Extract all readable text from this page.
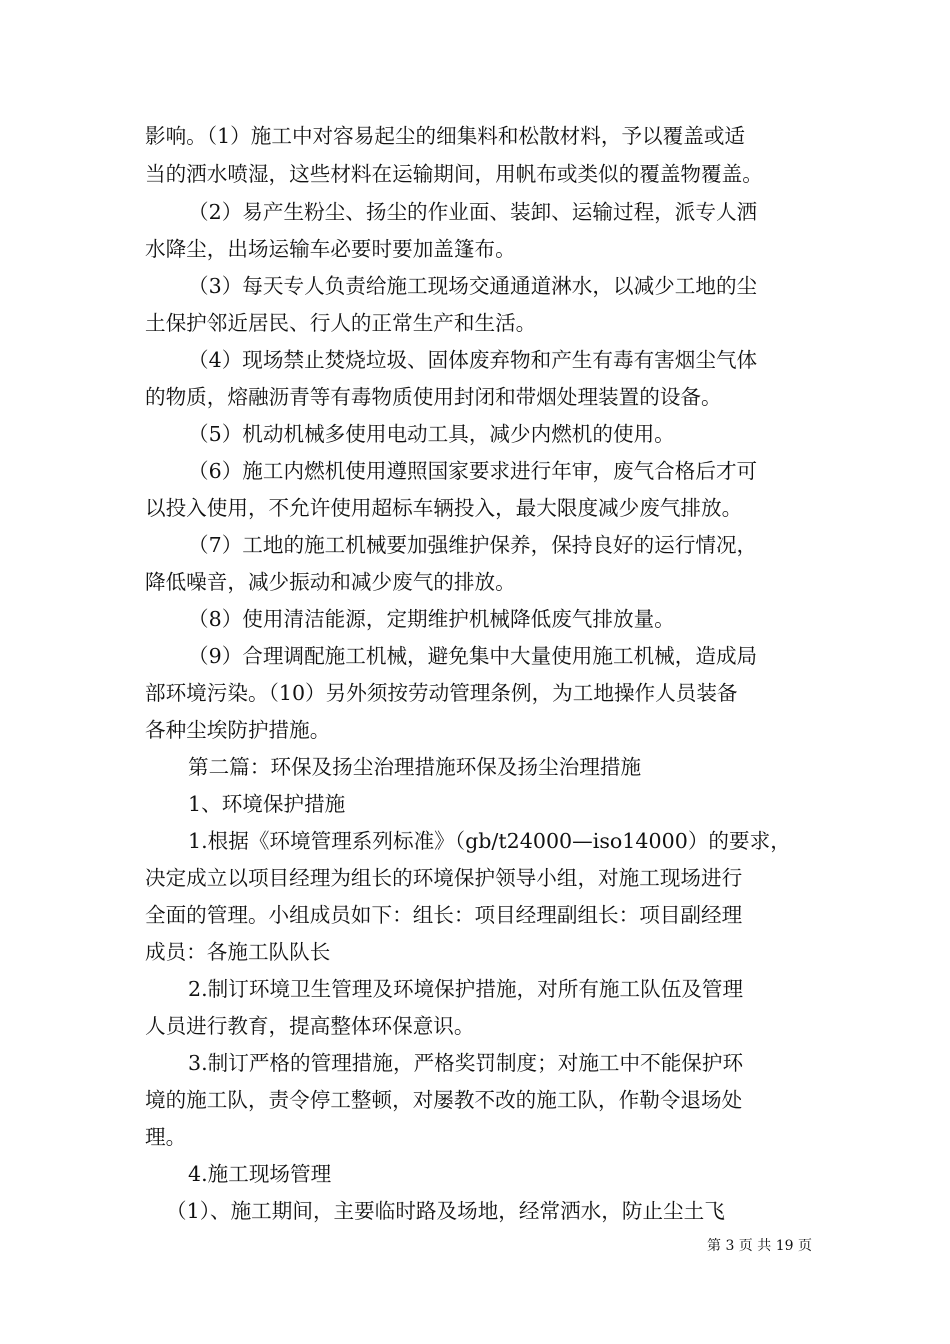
影响。（1）施工中对容易起尘的细集料和松散材料，予以覆盖或适
当的洒水喷湿，这些材料在运输期间，用帆布或类似的覆盖物覆盖。
（2）易产生粉尘、扬尘的作业面、装卸、运输过程，派专人洒
水降尘，出场运输车必要时要加盖篷布。
（3）每天专人负责给施工现场交通通道淋水，以减少工地的尘
土保护邻近居民、行人的正常生产和生活。
（4）现场禁止焚烧垃圾、固体废弃物和产生有毒有害烟尘气体
的物质，熔融沥青等有毒物质使用封闭和带烟处理装置的设备。
（5）机动机械多使用电动工具，减少内燃机的使用。
（6）施工内燃机使用遵照国家要求进行年审，废气合格后才可
以投入使用，不允许使用超标车辆投入，最大限度减少废气排放。
（7）工地的施工机械要加强维护保养，保持良好的运行情况，
降低噪音，减少振动和减少废气的排放。
（8）使用清洁能源，定期维护机械降低废气排放量。
（9）合理调配施工机械，避免集中大量使用施工机械，造成局
部环境污染。（10）另外须按劳动管理条例，为工地操作人员装备
各种尘埃防护措施。
第二篇：环保及扬尘治理措施环保及扬尘治理措施
1、环境保护措施
1.根据《环境管理系列标准》（gb/t24000—iso14000）的要求，
决定成立以项目经理为组长的环境保护领导小组，对施工现场进行
全面的管理。小组成员如下：组长：项目经理副组长：项目副经理
成员：各施工队队长
2.制订环境卫生管理及环境保护措施，对所有施工队伍及管理
人员进行教育，提高整体环保意识。
3.制订严格的管理措施，严格奖罚制度；对施工中不能保护环
境的施工队，责令停工整顿，对屡教不改的施工队，作勒令退场处
理。
4.施工现场管理
（1）、施工期间，主要临时路及场地，经常洒水，防止尘土飞
第 3 页 共 19 页
